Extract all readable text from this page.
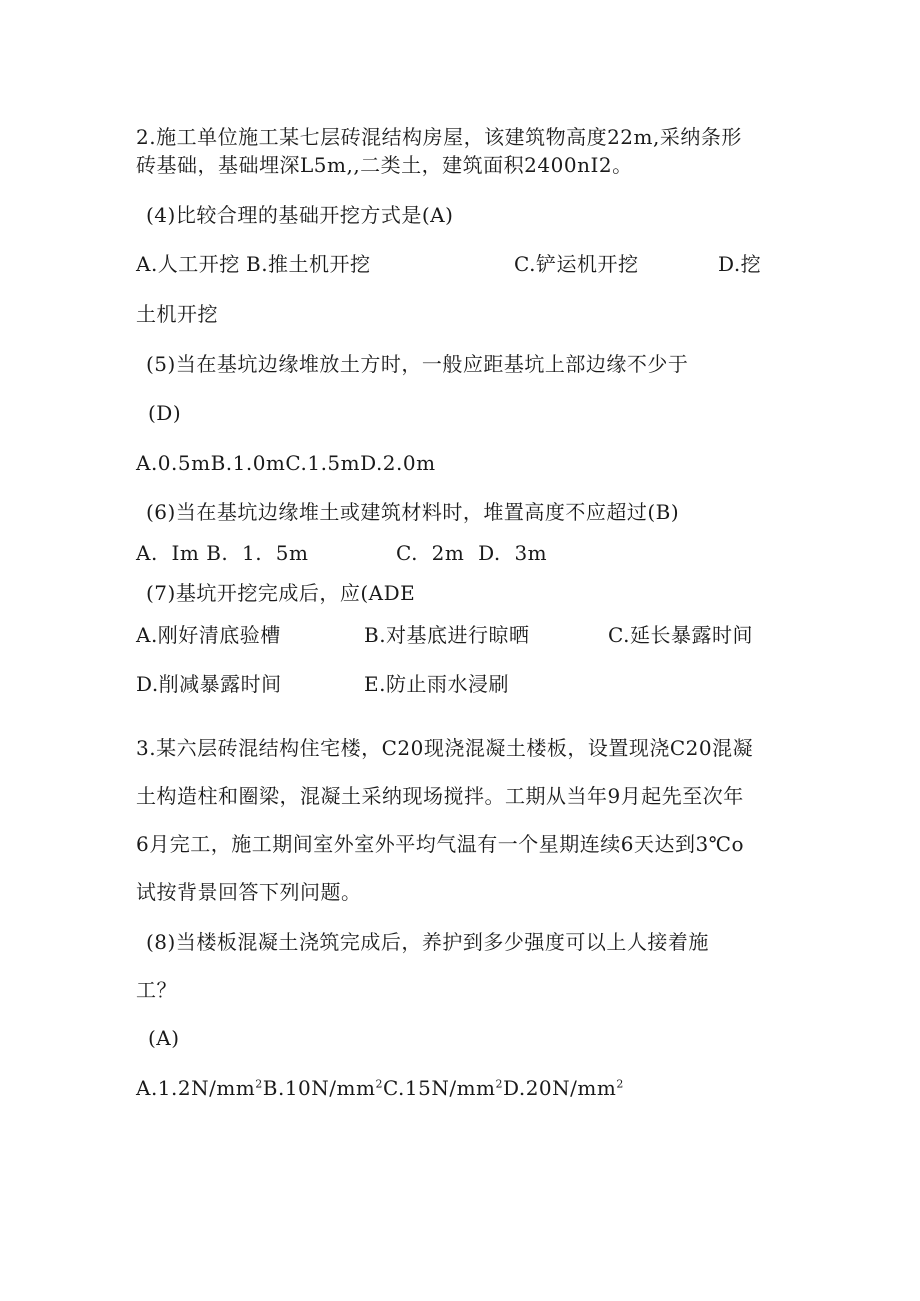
2.施工单位施工某七层砖混结构房屋，该建筑物高度22m,采纳条形
砖基础，基础埋深L5m,,二类土，建筑面积2400nI2。
(4)比较合理的基础开挖方式是(A)
A.人工开挖 B.推土机开挖	C.铲运机开挖	D.挖
土机开挖
(5)当在基坑边缘堆放土方时，一般应距基坑上部边缘不少于
(D)
A.0.5mB.1.0mC.1.5mD.2.0m
(6)当在基坑边缘堆土或建筑材料时，堆置高度不应超过(B)
A.  Im B.  1.  5m	C.  2m  D.  3m
(7)基坑开挖完成后，应(ADE
A.刚好清底验槽	B.对基底进行晾晒	C.延长暴露时间
D.削减暴露时间	E.防止雨水浸刷
3.某六层砖混结构住宅楼，C20现浇混凝土楼板，设置现浇C20混凝
土构造柱和圈梁，混凝土采纳现场搅拌。工期从当年9月起先至次年
6月完工，施工期间室外室外平均气温有一个星期连续6天达到3℃o
试按背景回答下列问题。
(8)当楼板混凝土浇筑完成后，养护到多少强度可以上人接着施
工？
(A)
$A.1.2N/mm^2B.10N/mm^2C.15N/mm^2D.20N/mm^2$
